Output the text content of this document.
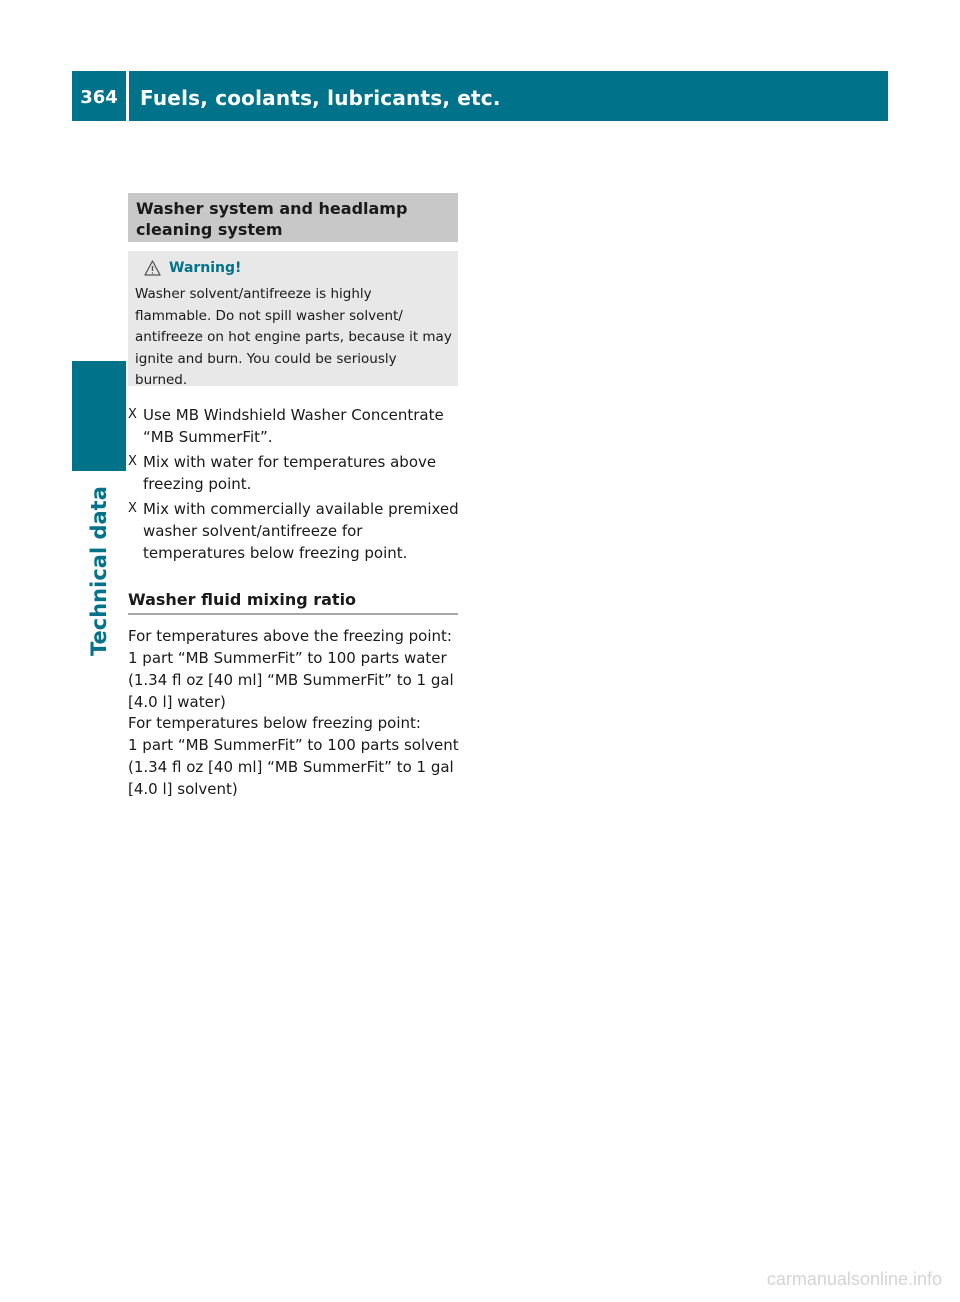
364	Fuels, coolants, lubricants, etc.
Technical data
Washer system and headlamp cleaning system
Warning!
Washer solvent/antifreeze is highly flammable. Do not spill washer solvent/ antifreeze on hot engine parts, because it may ignite and burn. You could be seriously burned.
X Use MB Windshield Washer Concentrate “MB SummerFit”.
X Mix with water for temperatures above freezing point.
X Mix with commercially available premixed washer solvent/antifreeze for temperatures below freezing point.
Washer fluid mixing ratio
For temperatures above the freezing point:
1 part “MB SummerFit” to 100 parts water
(1.34 fl oz [40 ml] “MB SummerFit” to 1 gal [4.0 l] water)
For temperatures below freezing point:
1 part “MB SummerFit” to 100 parts solvent
(1.34 fl oz [40 ml] “MB SummerFit” to 1 gal [4.0 l] solvent)
carmanualsonline.info
